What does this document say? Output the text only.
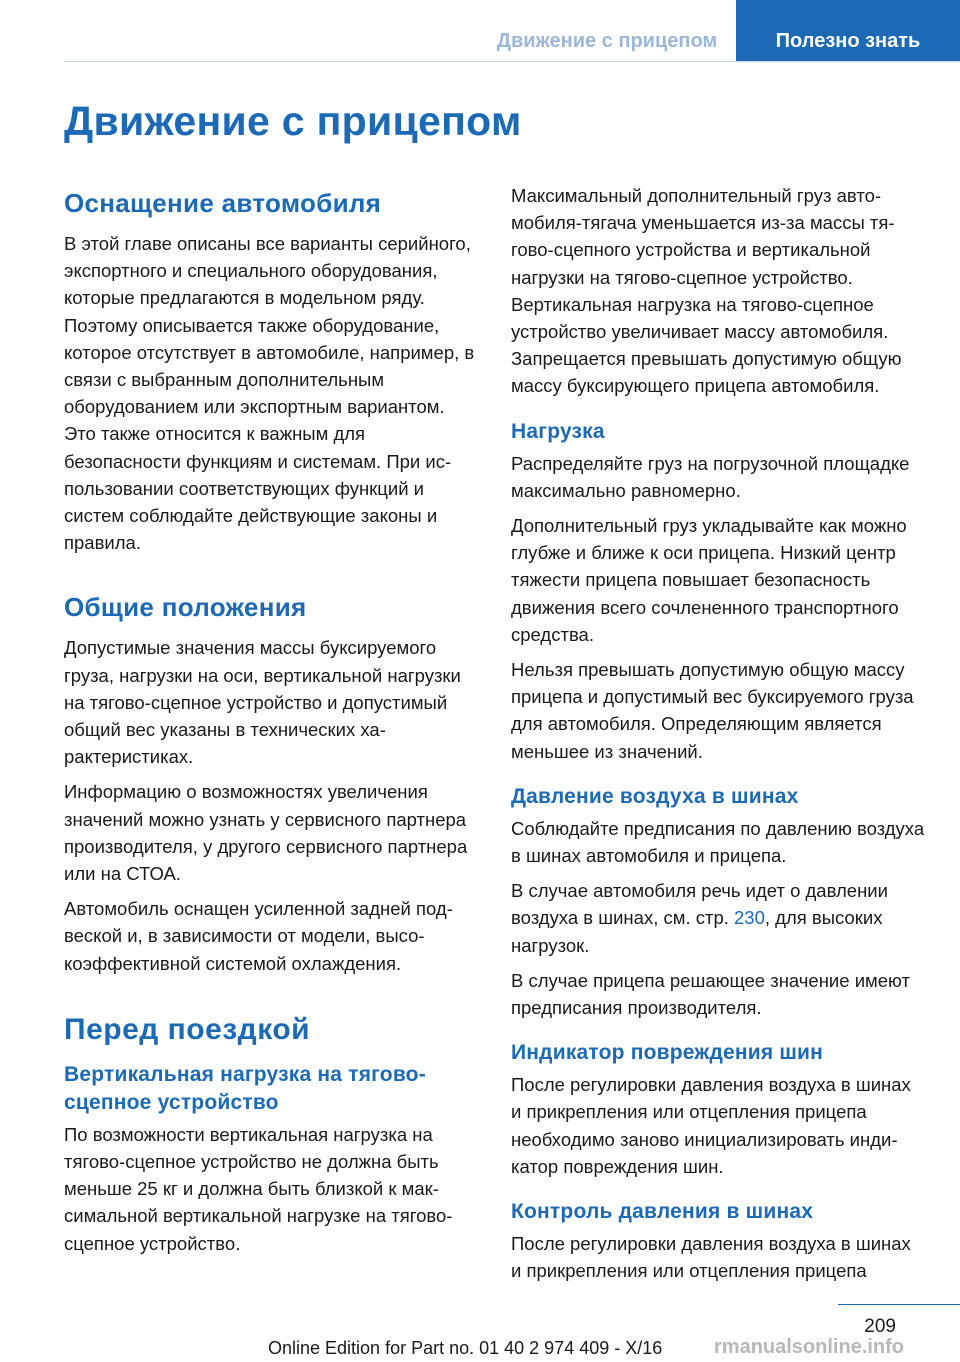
Движение с прицепом	Полезно знать
Движение с прицепом
Оснащение автомобиля

В этой главе описаны все варианты серийного, экспортного и специального оборудования, которые предлагаются в модельном ряду. Поэтому описывается также оборудование, которое отсутствует в автомобиле, например, в связи с выбранным дополнительным оборудованием или экспортным вариантом. Это также относится к важным для безопасности функциям и системам. При использовании соответствующих функций и систем соблюдайте действующие законы и правила.

Общие положения

Допустимые значения массы буксируемого груза, нагрузки на оси, вертикальной нагрузки на тягово-сцепное устройство и допустимый общий вес указаны в технических характеристиках.

Информацию о возможностях увеличения значений можно узнать у сервисного партнера производителя, у другого сервисного партнера или на СТОА.

Автомобиль оснащен усиленной задней подвеской и, в зависимости от модели, высокоэффективной системой охлаждения.

Перед поездкой
Вертикальная нагрузка на тягово-сцепное устройство

По возможности вертикальная нагрузка на тягово-сцепное устройство не должна быть меньше 25 кг и должна быть близкой к максимальной вертикальной нагрузке на тягово-сцепное устройство.

Максимальный дополнительный груз автомобиля-тягача уменьшается из-за массы тягово-сцепного устройства и вертикальной нагрузки на тягово-сцепное устройство. Вертикальная нагрузка на тягово-сцепное устройство увеличивает массу автомобиля. Запрещается превышать допустимую общую массу буксирующего прицепа автомобиля.

Нагрузка

Распределяйте груз на погрузочной площадке максимально равномерно.

Дополнительный груз укладывайте как можно глубже и ближе к оси прицепа. Низкий центр тяжести прицепа повышает безопасность движения всего сочлененного транспортного средства.

Нельзя превышать допустимую общую массу прицепа и допустимый вес буксируемого груза для автомобиля. Определяющим является меньшее из значений.

Давление воздуха в шинах

Соблюдайте предписания по давлению воздуха в шинах автомобиля и прицепа.

В случае автомобиля речь идет о давлении воздуха в шинах, см. стр. 230, для высоких нагрузок.

В случае прицепа решающее значение имеют предписания производителя.

Индикатор повреждения шин

После регулировки давления воздуха в шинах и прикрепления или отцепления прицепа необходимо заново инициализировать индикатор повреждения шин.

Контроль давления в шинах

После регулировки давления воздуха в шинах и прикрепления или отцепления прицепа

209
Online Edition for Part no. 01 40 2 974 409 - X/16	rmanualsonline.info
